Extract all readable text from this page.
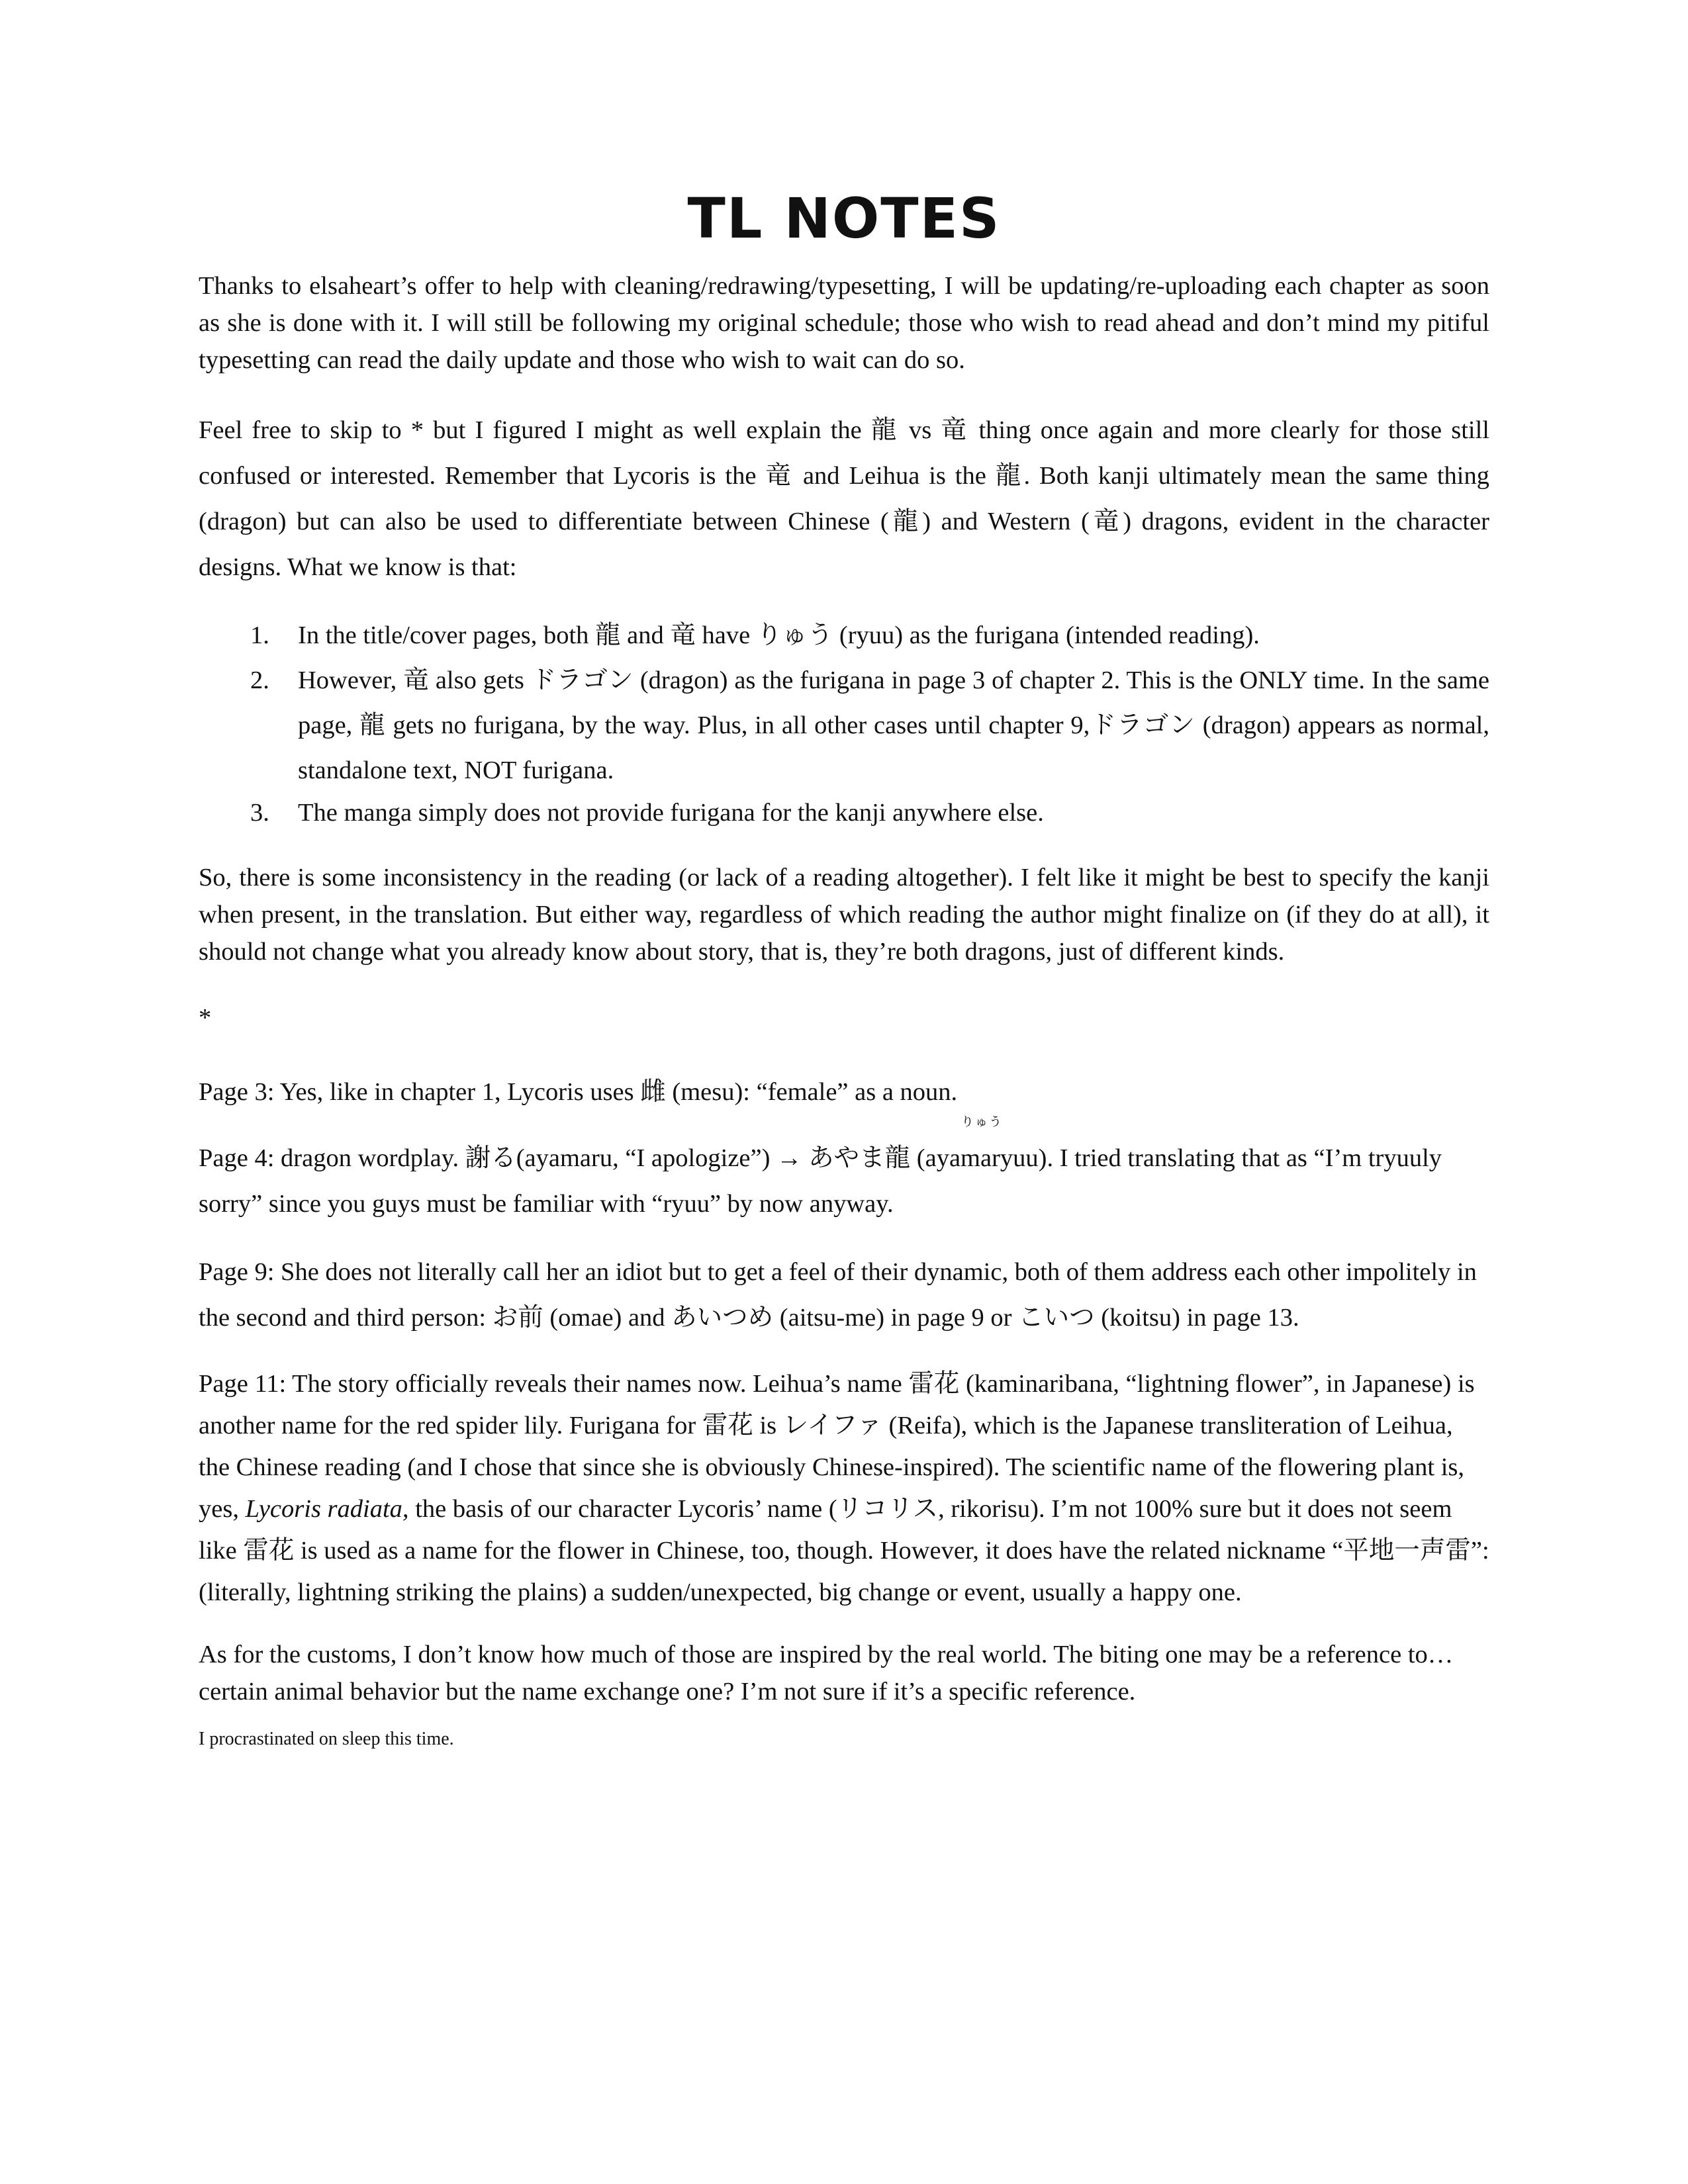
TL NOTES

Thanks to elsaheart’s offer to help with cleaning/redrawing/typesetting, I will be updating/re-uploading each chapter as soon as she is done with it. I will still be following my original schedule; those who wish to read ahead and don’t mind my pitiful typesetting can read the daily update and those who wish to wait can do so.

Feel free to skip to * but I figured I might as well explain the 龍 vs 竜 thing once again and more clearly for those still confused or interested. Remember that Lycoris is the 竜 and Leihua is the 龍. Both kanji ultimately mean the same thing (dragon) but can also be used to differentiate between Chinese (龍) and Western (竜) dragons, evident in the character designs. What we know is that:

1. In the title/cover pages, both 龍 and 竜 have りゅう (ryuu) as the furigana (intended reading).
2. However, 竜 also gets ドラゴン (dragon) as the furigana in page 3 of chapter 2. This is the ONLY time. In the same page, 龍 gets no furigana, by the way. Plus, in all other cases until chapter 9,ドラゴン (dragon) appears as normal, standalone text, NOT furigana.
3. The manga simply does not provide furigana for the kanji anywhere else.

So, there is some inconsistency in the reading (or lack of a reading altogether). I felt like it might be best to specify the kanji when present, in the translation. But either way, regardless of which reading the author might finalize on (if they do at all), it should not change what you already know about story, that is, they’re both dragons, just of different kinds.

*

Page 3: Yes, like in chapter 1, Lycoris uses 雌 (mesu): “female” as a noun.

りゅう

Page 4: dragon wordplay. 謝る(ayamaru, “I apologize”) → あやま龍 (ayamaryuu). I tried translating that as “I’m tryuuly sorry” since you guys must be familiar with “ryuu” by now anyway.

Page 9: She does not literally call her an idiot but to get a feel of their dynamic, both of them address each other impolitely in the second and third person: お前 (omae) and あいつめ (aitsu-me) in page 9 or こいつ (koitsu) in page 13.

Page 11: The story officially reveals their names now. Leihua’s name 雷花 (kaminaribana, “lightning flower”, in Japanese) is another name for the red spider lily. Furigana for 雷花 is レイファ (Reifa), which is the Japanese transliteration of Leihua, the Chinese reading (and I chose that since she is obviously Chinese-inspired). The scientific name of the flowering plant is, yes, Lycoris radiata, the basis of our character Lycoris’ name (リコリス, rikorisu). I’m not 100% sure but it does not seem like 雷花 is used as a name for the flower in Chinese, too, though. However, it does have the related nickname “平地一声雷”: (literally, lightning striking the plains) a sudden/unexpected, big change or event, usually a happy one.

As for the customs, I don’t know how much of those are inspired by the real world. The biting one may be a reference to… certain animal behavior but the name exchange one? I’m not sure if it’s a specific reference.

I procrastinated on sleep this time.
